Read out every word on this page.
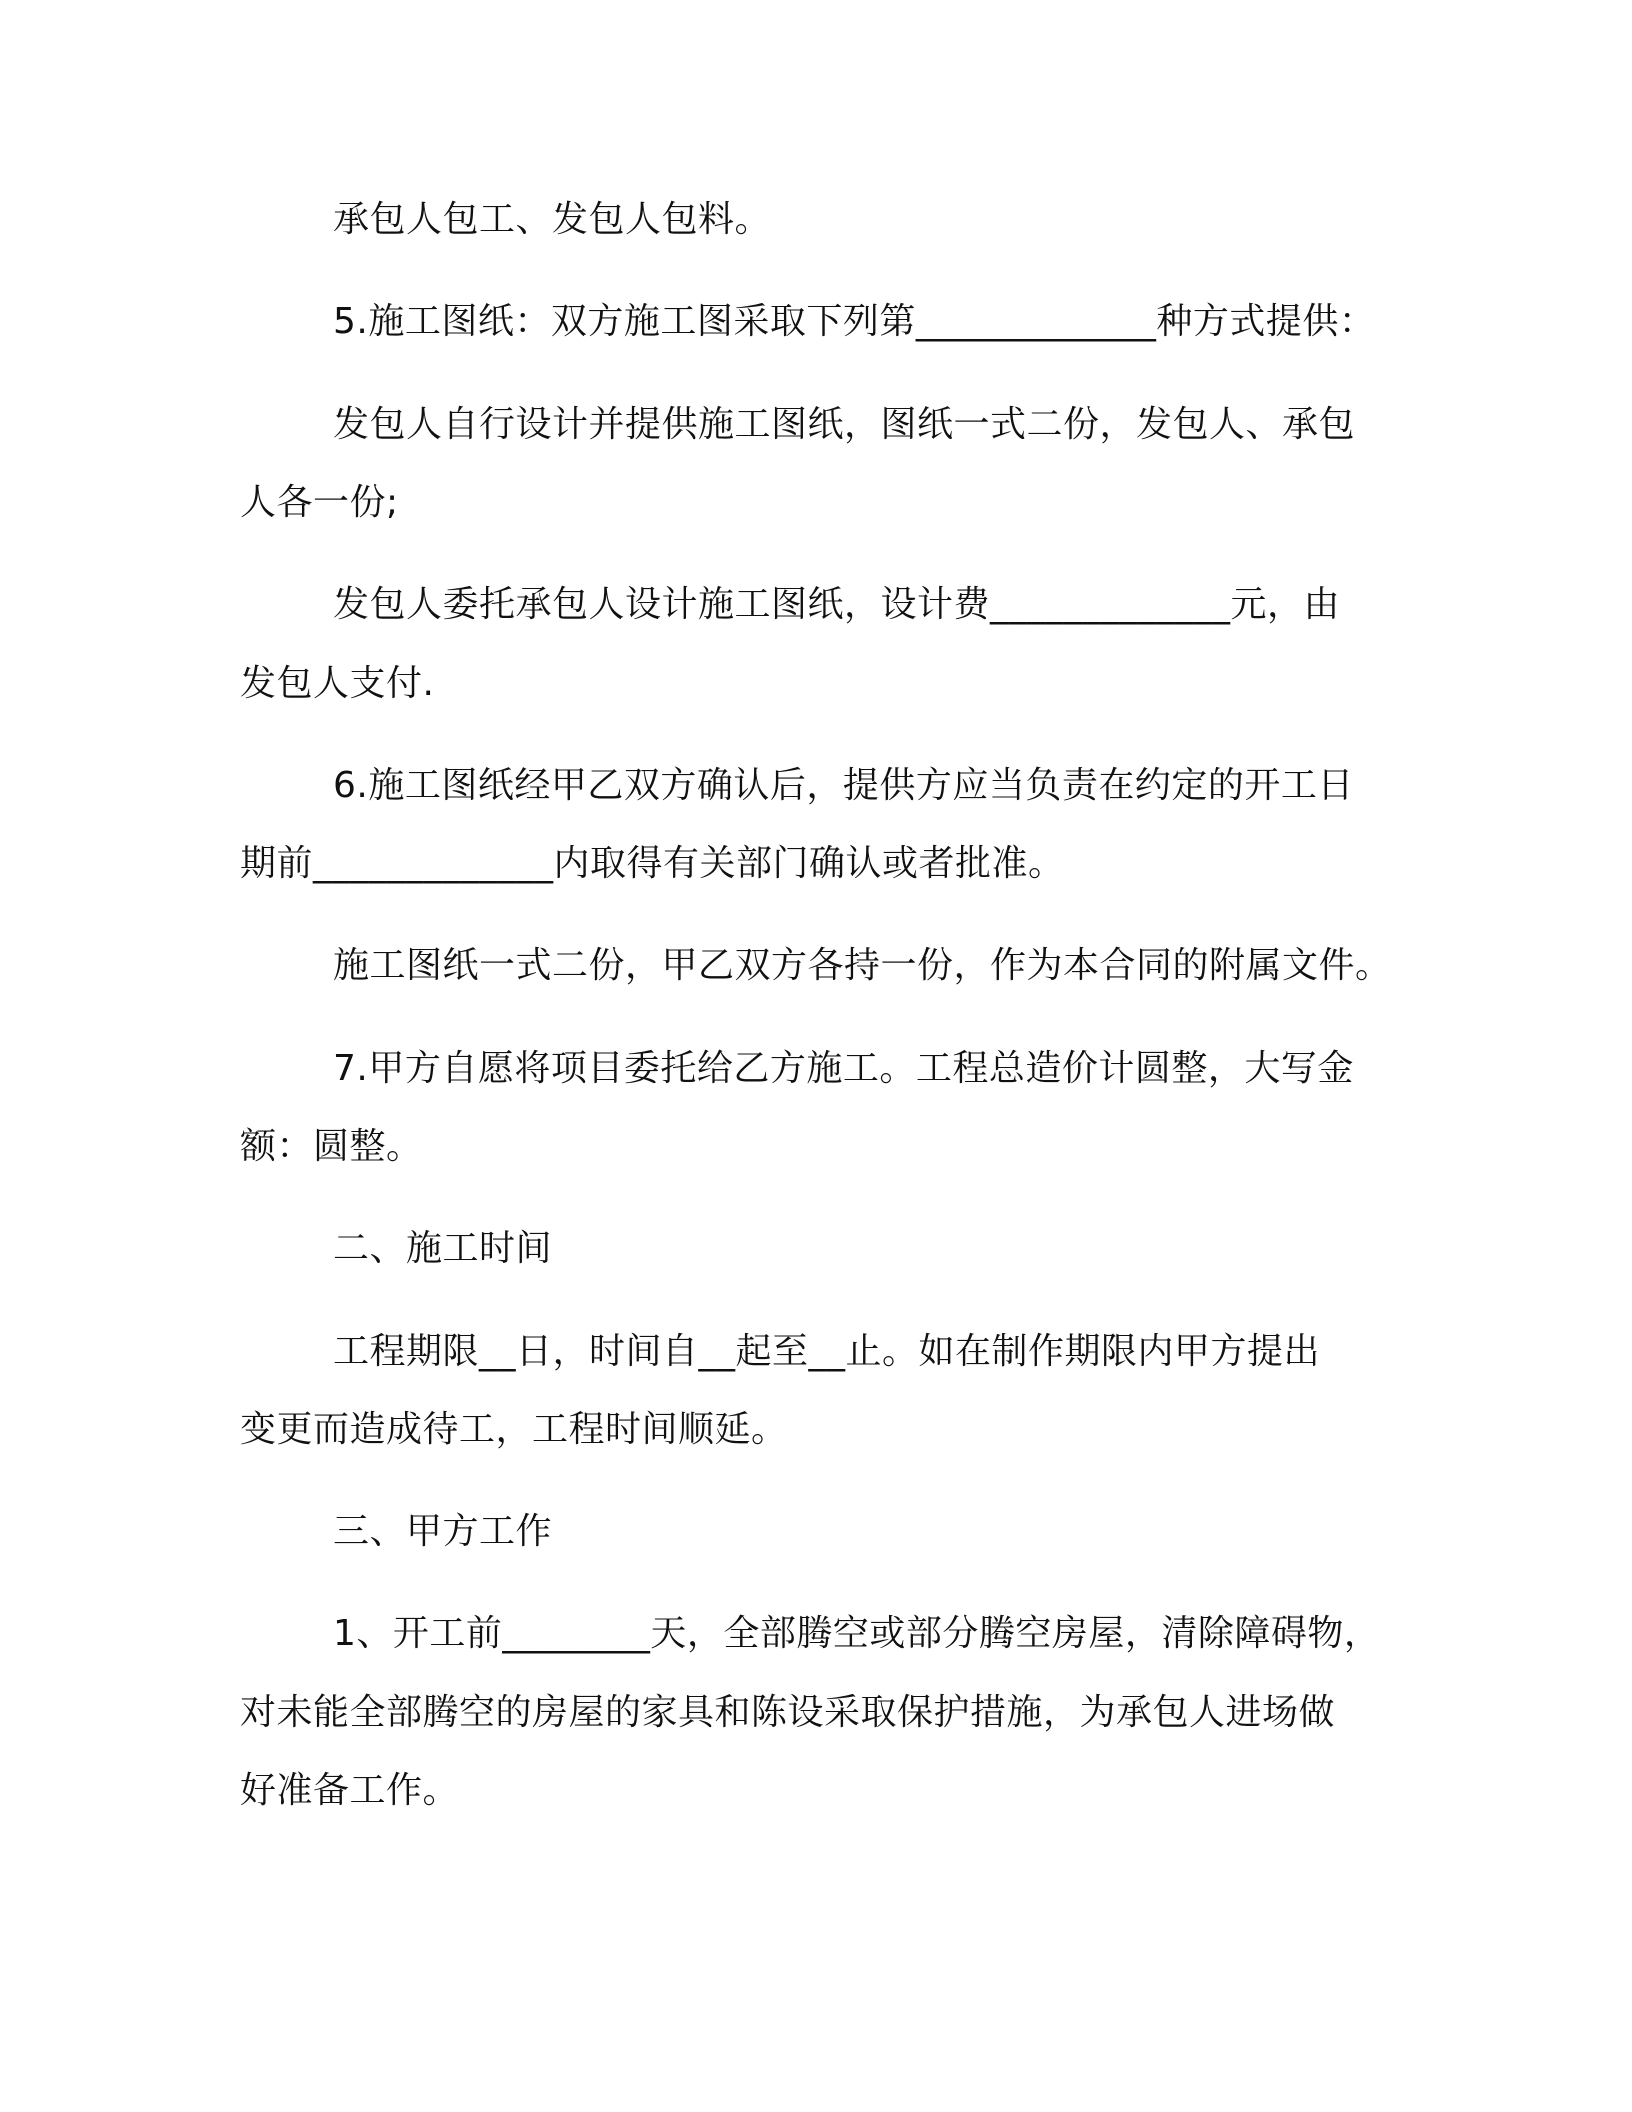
承包人包工、发包人包料。
5.施工图纸：双方施工图采取下列第_____________种方式提供：
发包人自行设计并提供施工图纸，图纸一式二份，发包人、承包
人各一份;
发包人委托承包人设计施工图纸，设计费_____________元，由
发包人支付.
6.施工图纸经甲乙双方确认后，提供方应当负责在约定的开工日
期前_____________内取得有关部门确认或者批准。
施工图纸一式二份，甲乙双方各持一份，作为本合同的附属文件。
7.甲方自愿将项目委托给乙方施工。工程总造价计圆整，大写金
额：圆整。
二、施工时间
工程期限__日，时间自__起至__止。如在制作期限内甲方提出
变更而造成待工，工程时间顺延。
三、甲方工作
1、开工前________天，全部腾空或部分腾空房屋，清除障碍物，
对未能全部腾空的房屋的家具和陈设采取保护措施，为承包人进场做
好准备工作。
